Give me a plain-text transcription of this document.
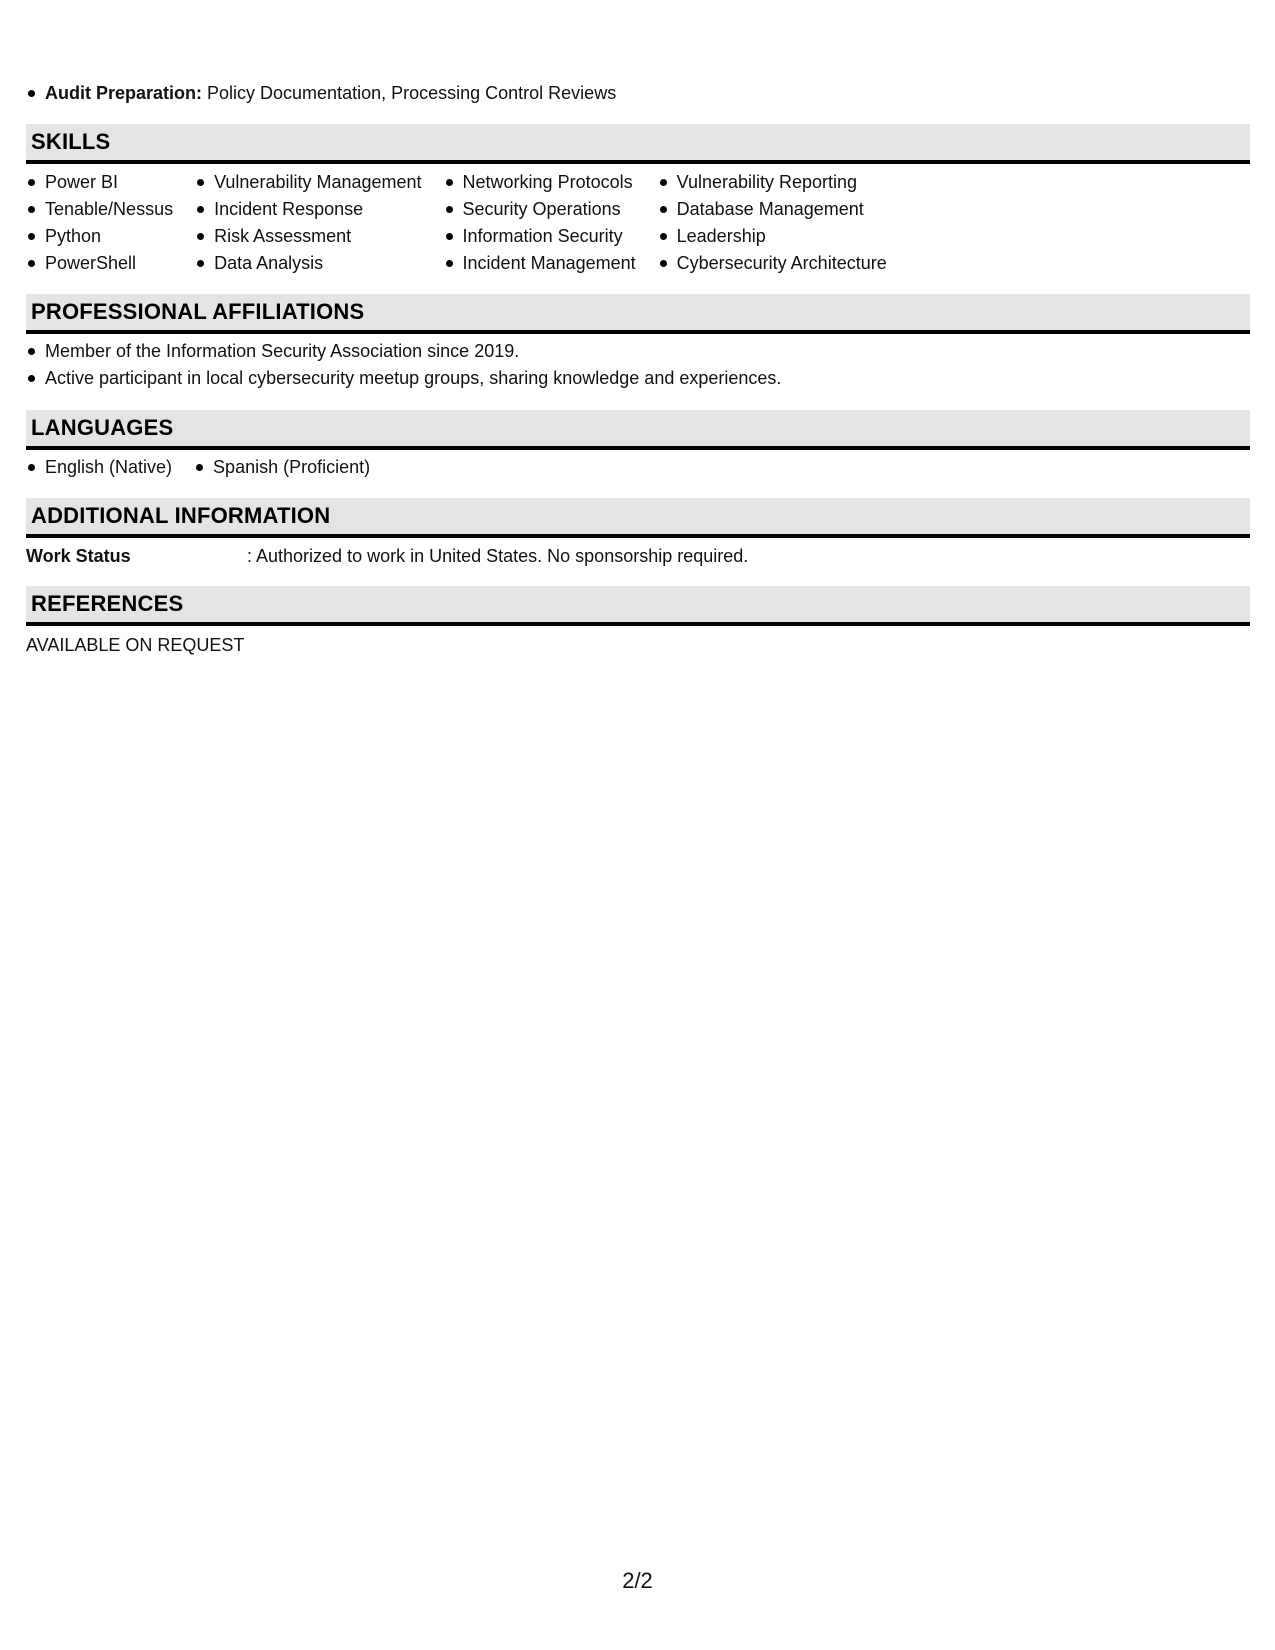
Audit Preparation: Policy Documentation, Processing Control Reviews
SKILLS
Power BI
Tenable/Nessus
Python
PowerShell
Vulnerability Management
Incident Response
Risk Assessment
Data Analysis
Networking Protocols
Security Operations
Information Security
Incident Management
Vulnerability Reporting
Database Management
Leadership
Cybersecurity Architecture
PROFESSIONAL AFFILIATIONS
Member of the Information Security Association since 2019.
Active participant in local cybersecurity meetup groups, sharing knowledge and experiences.
LANGUAGES
English (Native) Spanish (Proficient)
ADDITIONAL INFORMATION
Work Status	: Authorized to work in United States. No sponsorship required.
REFERENCES
AVAILABLE ON REQUEST
2/2
